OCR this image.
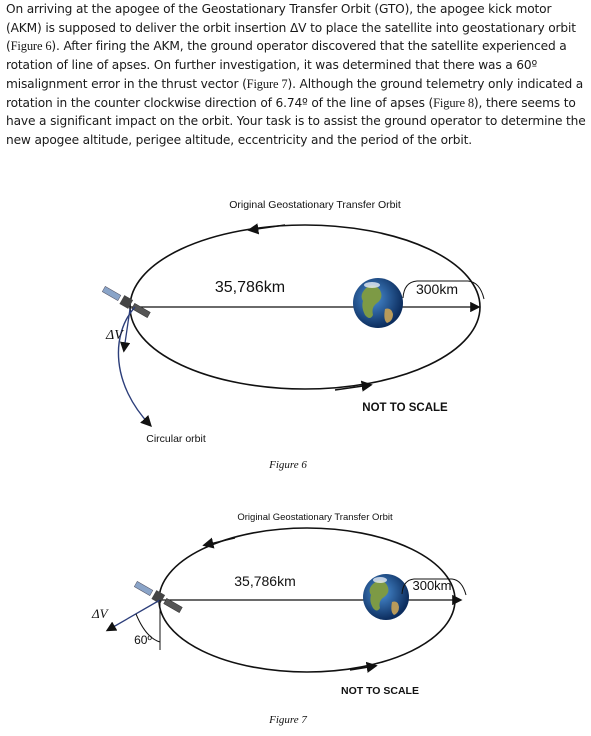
On arriving at the apogee of the Geostationary Transfer Orbit (GTO), the apogee kick motor (AKM) is supposed to deliver the orbit insertion ΔV to place the satellite into geostationary orbit (Figure 6). After firing the AKM, the ground operator discovered that the satellite experienced a rotation of line of apses. On further investigation, it was determined that there was a 60º misalignment error in the thrust vector (Figure 7). Although the ground telemetry only indicated a rotation in the counter clockwise direction of 6.74º of the line of apses (Figure 8), there seems to have a significant impact on the orbit. Your task is to assist the ground operator to determine the new apogee altitude, perigee altitude, eccentricity and the period of the orbit.
Original Geostationary Transfer Orbit
35,786km	300km
NOT TO SCALE
ΔV
Circular orbit
Figure 6
Original Geostationary Transfer Orbit
35,786km	300km
NOT TO SCALE
ΔV
60º
Figure 7
